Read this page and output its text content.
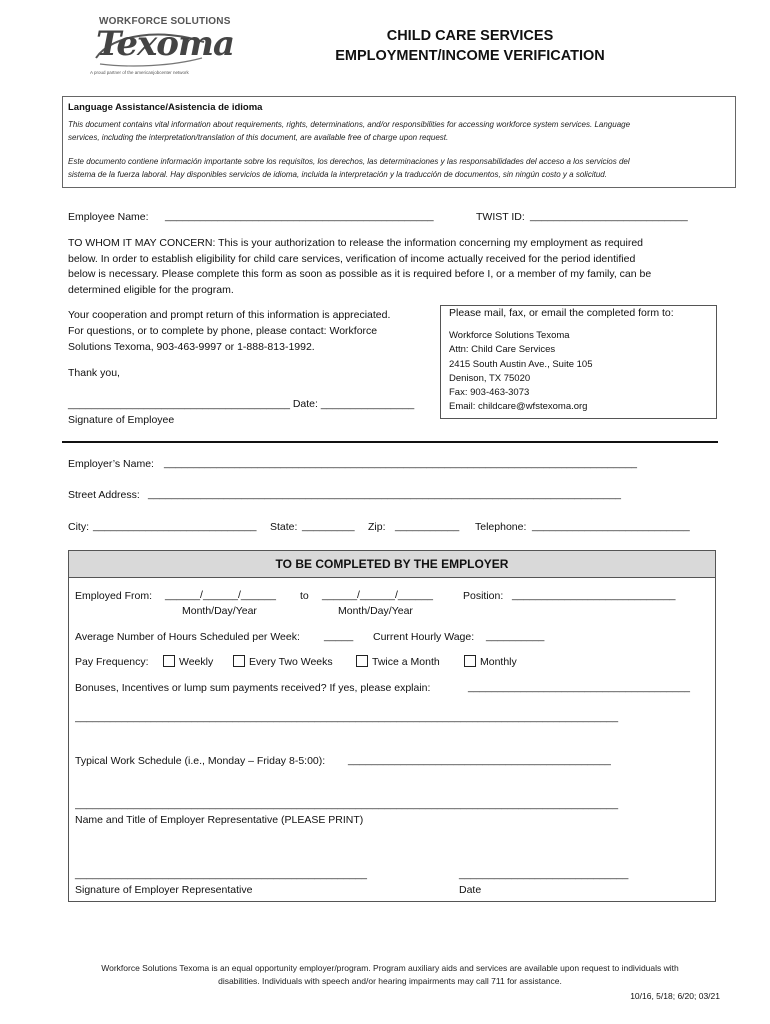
WORKFORCE SOLUTIONS
Texoma
A proud partner of the americanjobcenter network
CHILD CARE SERVICES
EMPLOYMENT/INCOME VERIFICATION
Language Assistance/Asistencia de idioma
This document contains vital information about requirements, rights, determinations, and/or responsibilities for accessing workforce system services. Language
services, including the interpretation/translation of this document, are available free of charge upon request.
Este documento contiene información importante sobre los requisitos, los derechos, las determinaciones y las responsabilidades del acceso a los servicios del
sistema de la fuerza laboral. Hay disponibles servicios de idioma, incluida la interpretación y la traducción de documentos, sin ningún costo y a solicitud.
Employee Name: ______________________________________________	TWIST ID: ___________________________
TO WHOM IT MAY CONCERN: This is your authorization to release the information concerning my employment as required
below. In order to establish eligibility for child care services, verification of income actually received for the period identified
below is necessary. Please complete this form as soon as possible as it is required before I, or a member of my family, can be
determined eligible for the program.
Your cooperation and prompt return of this information is appreciated.
For questions, or to complete by phone, please contact: Workforce
Solutions Texoma, 903-463-9997 or 1-888-813-1992.
Thank you,
______________________________________ Date: ________________
Signature of Employee
Please mail, fax, or email the completed form to:
Workforce Solutions Texoma
Attn: Child Care Services
2415 South Austin Ave., Suite 105
Denison, TX 75020
Fax: 903-463-3073
Email: childcare@wfstexoma.org
Employer’s Name: _________________________________________________________________________________
Street Address: _________________________________________________________________________________
City: ____________________________ State: _________ Zip: ___________ Telephone: ___________________________
TO BE COMPLETED BY THE EMPLOYER
Employed From: ______/______/______ to ______/______/______	Position: ____________________________
Month/Day/Year	Month/Day/Year
Average Number of Hours Scheduled per Week: _____ Current Hourly Wage: __________
Pay Frequency:	Weekly	Every Two Weeks	Twice a Month	Monthly
Bonuses, Incentives or lump sum payments received? If yes, please explain:	______________________________________
_____________________________________________________________________________________________
Typical Work Schedule (i.e., Monday – Friday 8-5:00): _____________________________________________
_____________________________________________________________________________________________
Name and Title of Employer Representative (PLEASE PRINT)
__________________________________________________	_____________________________
Signature of Employer Representative	Date
Workforce Solutions Texoma is an equal opportunity employer/program. Program auxiliary aids and services are available upon request to individuals with
disabilities. Individuals with speech and/or hearing impairments may call 711 for assistance.
10/16, 5/18; 6/20; 03/21
